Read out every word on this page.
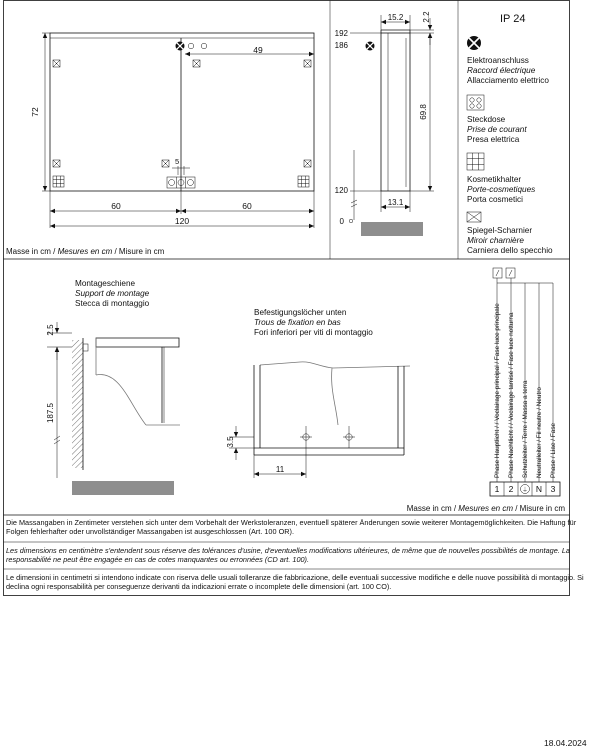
49
5
72
60	60
120
Masse in cm / Mesures en cm / Misure in cm
15.2 2.2
192
186
69.8
120
13.1
0
IP 24
Elektroanschluss
Raccord électrique
Allacciamento elettrico
Steckdose
Prise de courant
Presa elettrica
Kosmetikhalter
Porte-cosmetiques
Porta cosmetici
Spiegel-Scharnier
Miroir charnière
Carniera dello specchio
Montageschiene
Support de montage
Stecca di montaggio
2.5
187.5
Befestigungslöcher unten
Trous de fixation en bas
Fori inferiori per viti di montaggio
3.5
11	Phase Hauptlicht / / Voclairage principal / Fase luce principale Phase Nachtlicht / / Voclairage tamisé / Fase luce notturna Schutzleiter / Terre / Massa a terra Neutralleiter / Fil neutre / Neutro Phase / Liae / Fase
1 2 ⏚ N 3
Masse in cm / Mesures en cm / Misure in cm
Die Massangaben in Zentimeter verstehen sich unter dem Vorbehalt der Werkstoleranzen, eventuell späterer Änderungen sowie weiterer Montagemöglichkeiten. Die Haftung für Folgen fehlerhafter oder unvollständiger Massangaben ist ausgeschlossen (Art. 100 OR).
Les dimensions en centimètre s'entendent sous réserve des tolérances d'usine, d'eventuelles modifications ultérieures, de même que de nouvelles possibilités de montage. La responsabilité ne peut être engagée en cas de cotes manquantes ou erronnées (CD art. 100).
Le dimensioni in centimetri si intendono indicate con riserva delle usuali tolleranze die fabbricazione, delle eventuali successive modifiche e delle nuove possibilità di montaggio. Si declina ogni responsabilità per conseguenze derivanti da indicazioni errate o incomplete delle dimensioni (art. 100 CO).
18.04.2024
